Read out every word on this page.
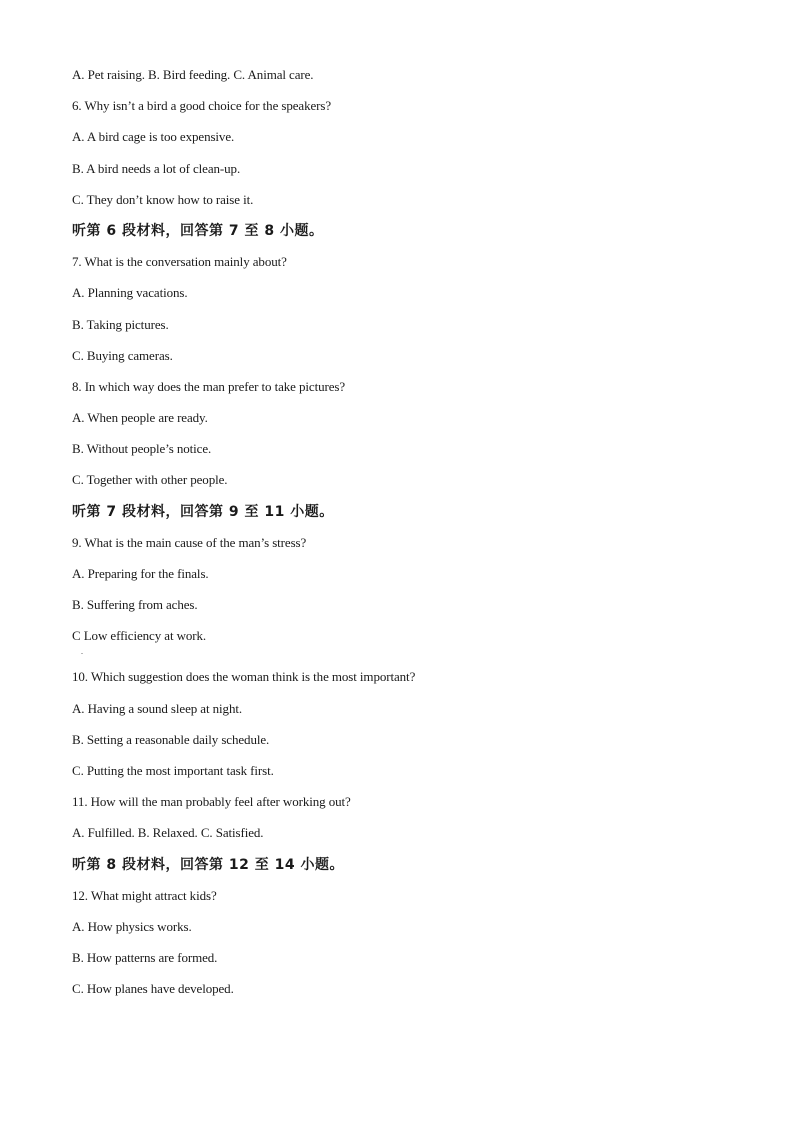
A. Pet raising. B. Bird feeding. C. Animal care.
6. Why isn’t a bird a good choice for the speakers?
A. A bird cage is too expensive.
B. A bird needs a lot of clean-up.
C. They don’t know how to raise it.
听第 6 段材料，回答第 7 至 8 小题。
7. What is the conversation mainly about?
A. Planning vacations.
B. Taking pictures.
C. Buying cameras.
8. In which way does the man prefer to take pictures?
A. When people are ready.
B. Without people’s notice.
C. Together with other people.
听第 7 段材料，回答第 9 至 11 小题。
9. What is the main cause of the man’s stress?
A. Preparing for the finals.
B. Suffering from aches.
C Low efficiency at work.
10. Which suggestion does the woman think is the most important?
A. Having a sound sleep at night.
B. Setting a reasonable daily schedule.
C. Putting the most important task first.
11. How will the man probably feel after working out?
A. Fulfilled. B. Relaxed. C. Satisfied.
听第 8 段材料，回答第 12 至 14 小题。
12. What might attract kids?
A. How physics works.
B. How patterns are formed.
C. How planes have developed.
.
